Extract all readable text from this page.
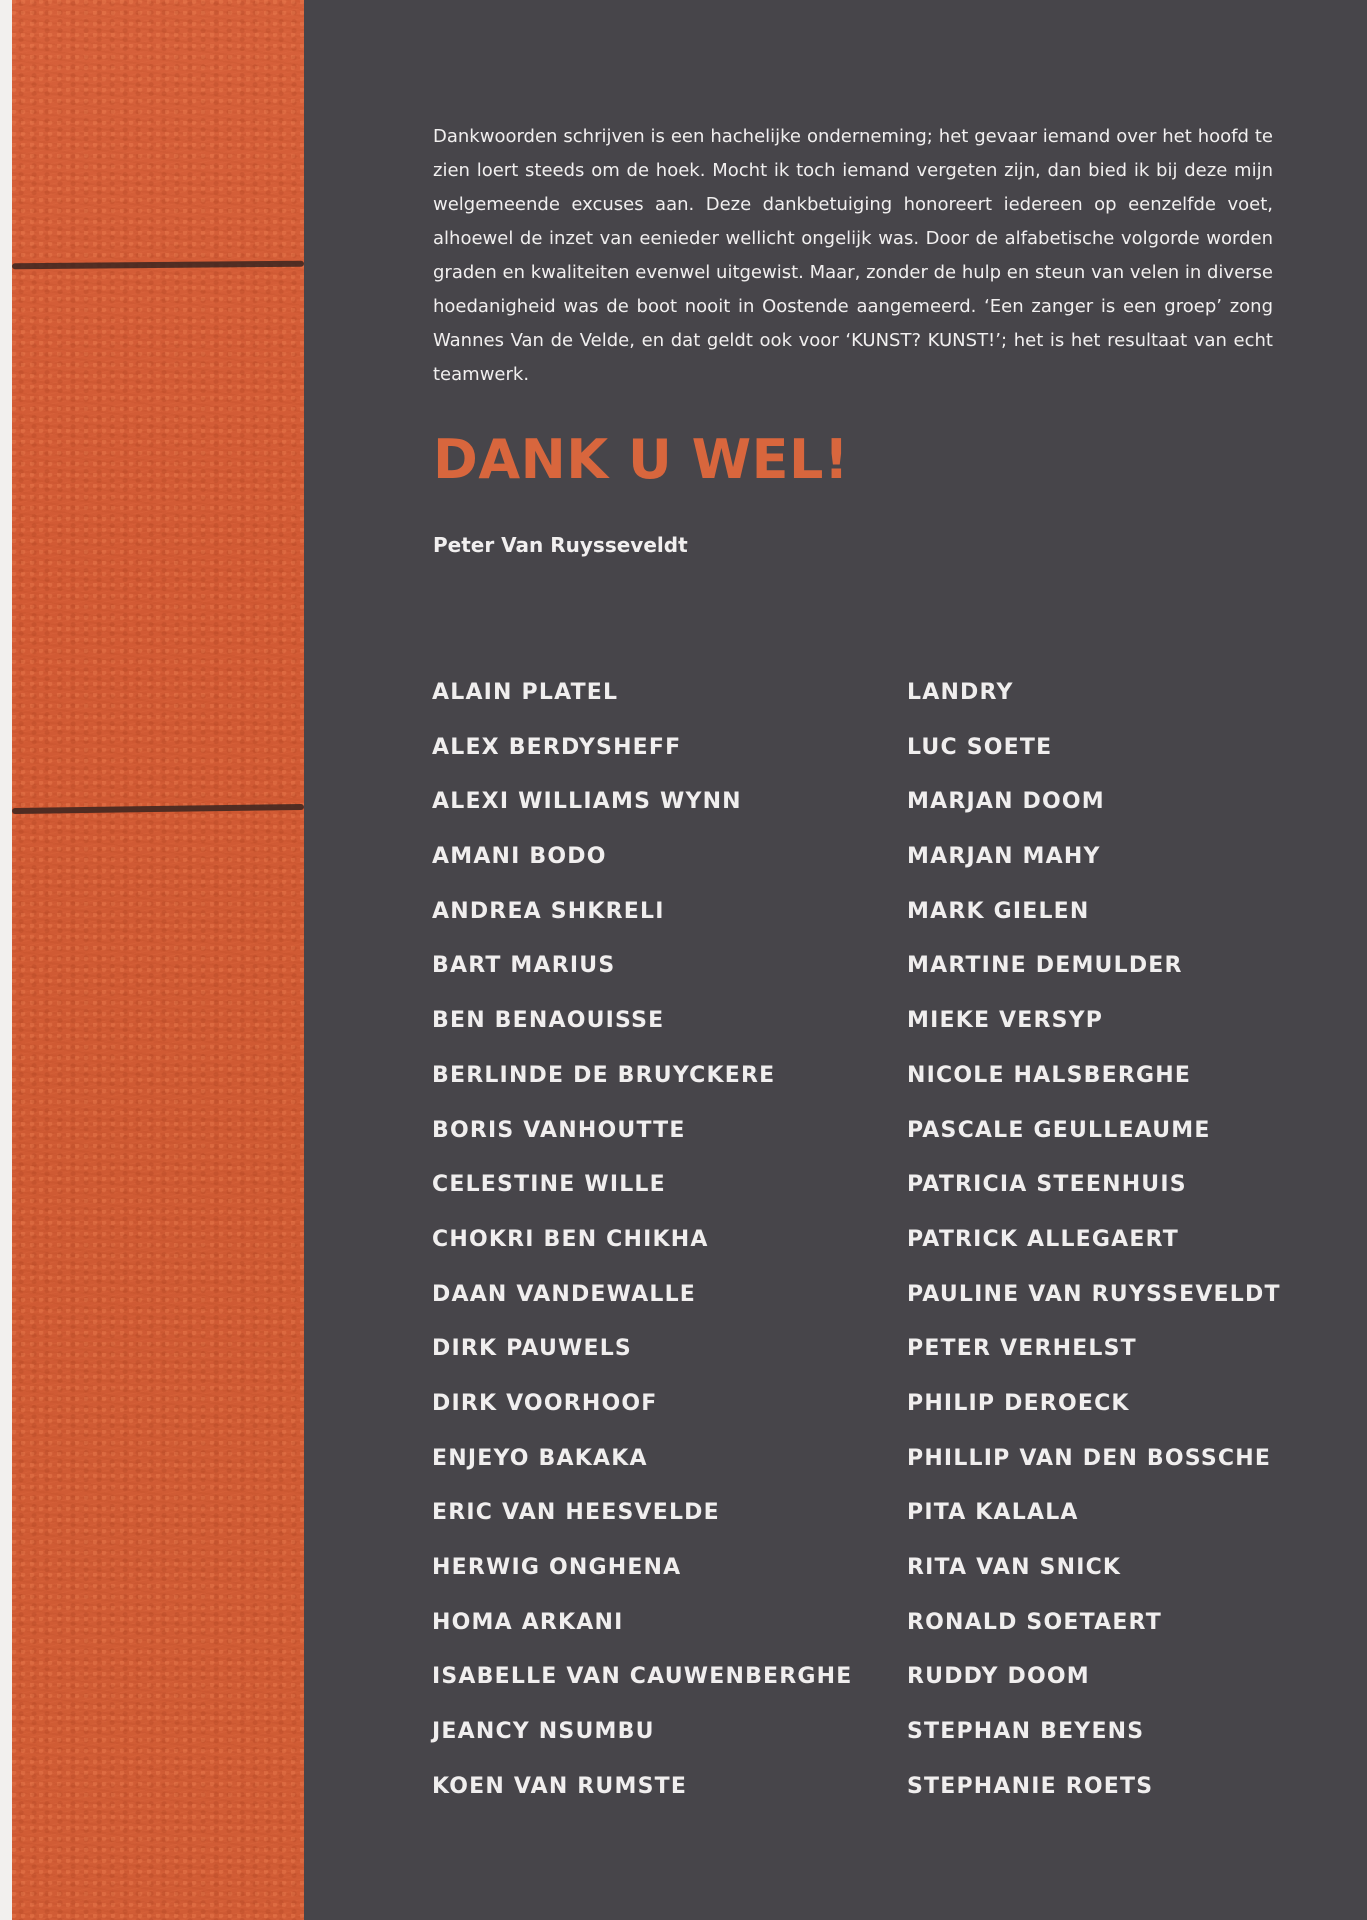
Dankwoorden schrijven is een hachelijke onderneming; het gevaar iemand over het hoofd te zien loert steeds om de hoek. Mocht ik toch iemand vergeten zijn, dan bied ik bij deze mijn welgemeende excuses aan. Deze dankbetuiging honoreert iedereen op eenzelfde voet, alhoewel de inzet van eenieder wellicht ongelijk was. Door de alfabetische volgorde worden graden en kwaliteiten evenwel uitgewist. Maar, zonder de hulp en steun van velen in diverse hoedanigheid was de boot nooit in Oostende aangemeerd. ‘Een zanger is een groep’ zong Wannes Van de Velde, en dat geldt ook voor ‘KUNST? KUNST!’; het is het resultaat van echt teamwerk.

DANK U WEL!

Peter Van Ruysseveldt

ALAIN PLATEL
ALEX BERDYSHEFF
ALEXI WILLIAMS WYNN
AMANI BODO
ANDREA SHKRELI
BART MARIUS
BEN BENAOUISSE
BERLINDE DE BRUYCKERE
BORIS VANHOUTTE
CELESTINE WILLE
CHOKRI BEN CHIKHA
DAAN VANDEWALLE
DIRK PAUWELS
DIRK VOORHOOF
ENJEYO BAKAKA
ERIC VAN HEESVELDE
HERWIG ONGHENA
HOMA ARKANI
ISABELLE VAN CAUWENBERGHE
JEANCY NSUMBU
KOEN VAN RUMSTE
LANDRY
LUC SOETE
MARJAN DOOM
MARJAN MAHY
MARK GIELEN
MARTINE DEMULDER
MIEKE VERSYP
NICOLE HALSBERGHE
PASCALE GEULLEAUME
PATRICIA STEENHUIS
PATRICK ALLEGAERT
PAULINE VAN RUYSSEVELDT
PETER VERHELST
PHILIP DEROECK
PHILLIP VAN DEN BOSSCHE
PITA KALALA
RITA VAN SNICK
RONALD SOETAERT
RUDDY DOOM
STEPHAN BEYENS
STEPHANIE ROETS
